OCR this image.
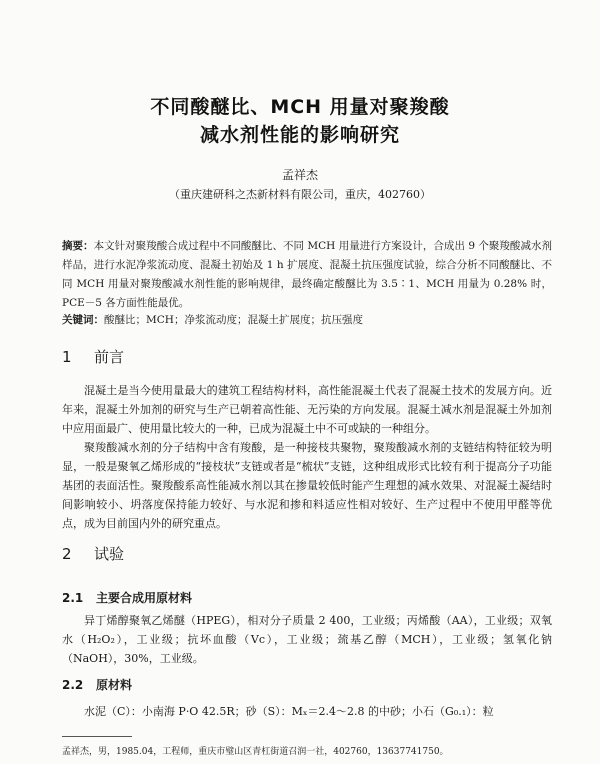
不同酸醚比、MCH 用量对聚羧酸
减水剂性能的影响研究
孟祥杰
（重庆建研科之杰新材料有限公司，重庆，402760）
摘要：本文针对聚羧酸合成过程中不同酸醚比、不同 MCH 用量进行方案设计，合成出 9 个聚羧酸减水剂样品，进行水泥净浆流动度、混凝土初始及 1 h 扩展度、混凝土抗压强度试验，综合分析不同酸醚比、不同 MCH 用量对聚羧酸减水剂性能的影响规律，最终确定酸醚比为 3.5∶1、MCH 用量为 0.28% 时，PCE－5 各方面性能最优。
关键词：酸醚比；MCH；净浆流动度；混凝土扩展度；抗压强度
1 前言
混凝土是当今使用量最大的建筑工程结构材料，高性能混凝土代表了混凝土技术的发展方向。近年来，混凝土外加剂的研究与生产已朝着高性能、无污染的方向发展。混凝土减水剂是混凝土外加剂中应用面最广、使用量比较大的一种，已成为混凝土中不可或缺的一种组分。
聚羧酸减水剂的分子结构中含有羧酸，是一种接枝共聚物，聚羧酸减水剂的支链结构特征较为明显，一般是聚氧乙烯形成的“接枝状”支链或者是“梳状”支链，这种组成形式比较有利于提高分子功能基团的表面活性。聚羧酸系高性能减水剂以其在掺量较低时能产生理想的减水效果、对混凝土凝结时间影响较小、坍落度保持能力较好、与水泥和掺和料适应性相对较好、生产过程中不使用甲醛等优点，成为目前国内外的研究重点。
2 试验
2.1 主要合成用原材料
异丁烯醇聚氧乙烯醚（HPEG），相对分子质量 2 400，工业级；丙烯酸（AA），工业级；双氧水（H₂O₂），工业级；抗坏血酸（Vc），工业级；巯基乙醇（MCH），工业级；氢氧化钠（NaOH），30%，工业级。
2.2 原材料
水泥（C）：小南海 P·O 42.5R；砂（S）：Mₓ＝2.4～2.8 的中砂；小石（G₀.₁）：粒
孟祥杰，男，1985.04，工程师，重庆市璧山区青杠街道召润一社，402760，13637741750。
